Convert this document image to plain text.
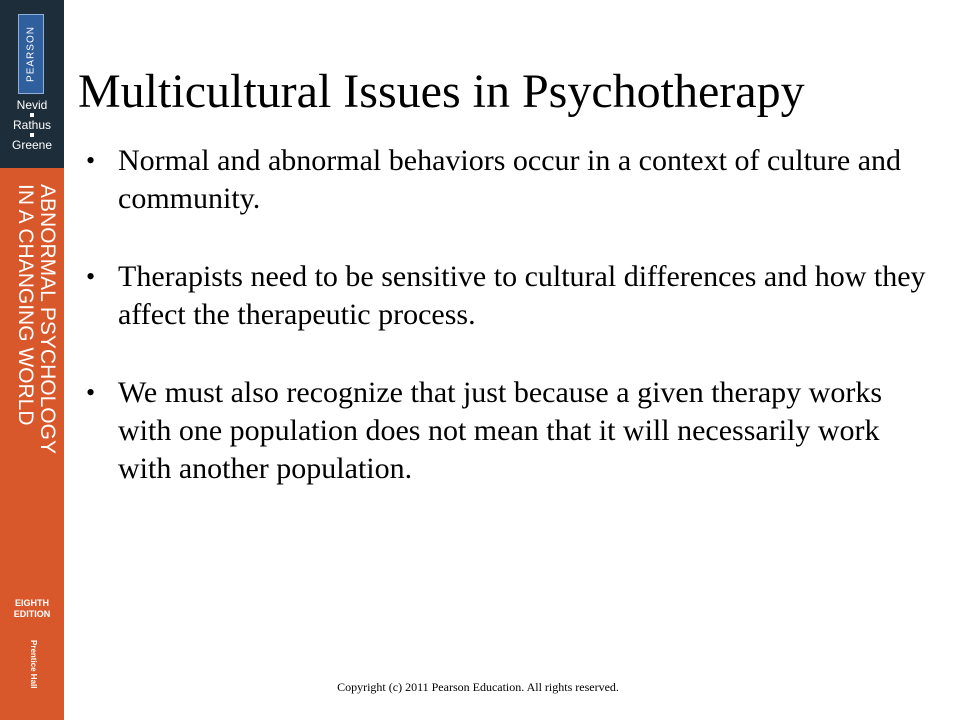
PEARSON
Nevid
Rathus
Greene
ABNORMAL PSYCHOLOGY
IN A CHANGING WORLD
EIGHTH
EDITION
Prentice Hall
Multicultural Issues in Psychotherapy
• Normal and abnormal behaviors occur in a context of culture and community.
• Therapists need to be sensitive to cultural differences and how they affect the therapeutic process.
• We must also recognize that just because a given therapy works with one population does not mean that it will necessarily work with another population.
Copyright (c) 2011 Pearson Education. All rights reserved.
